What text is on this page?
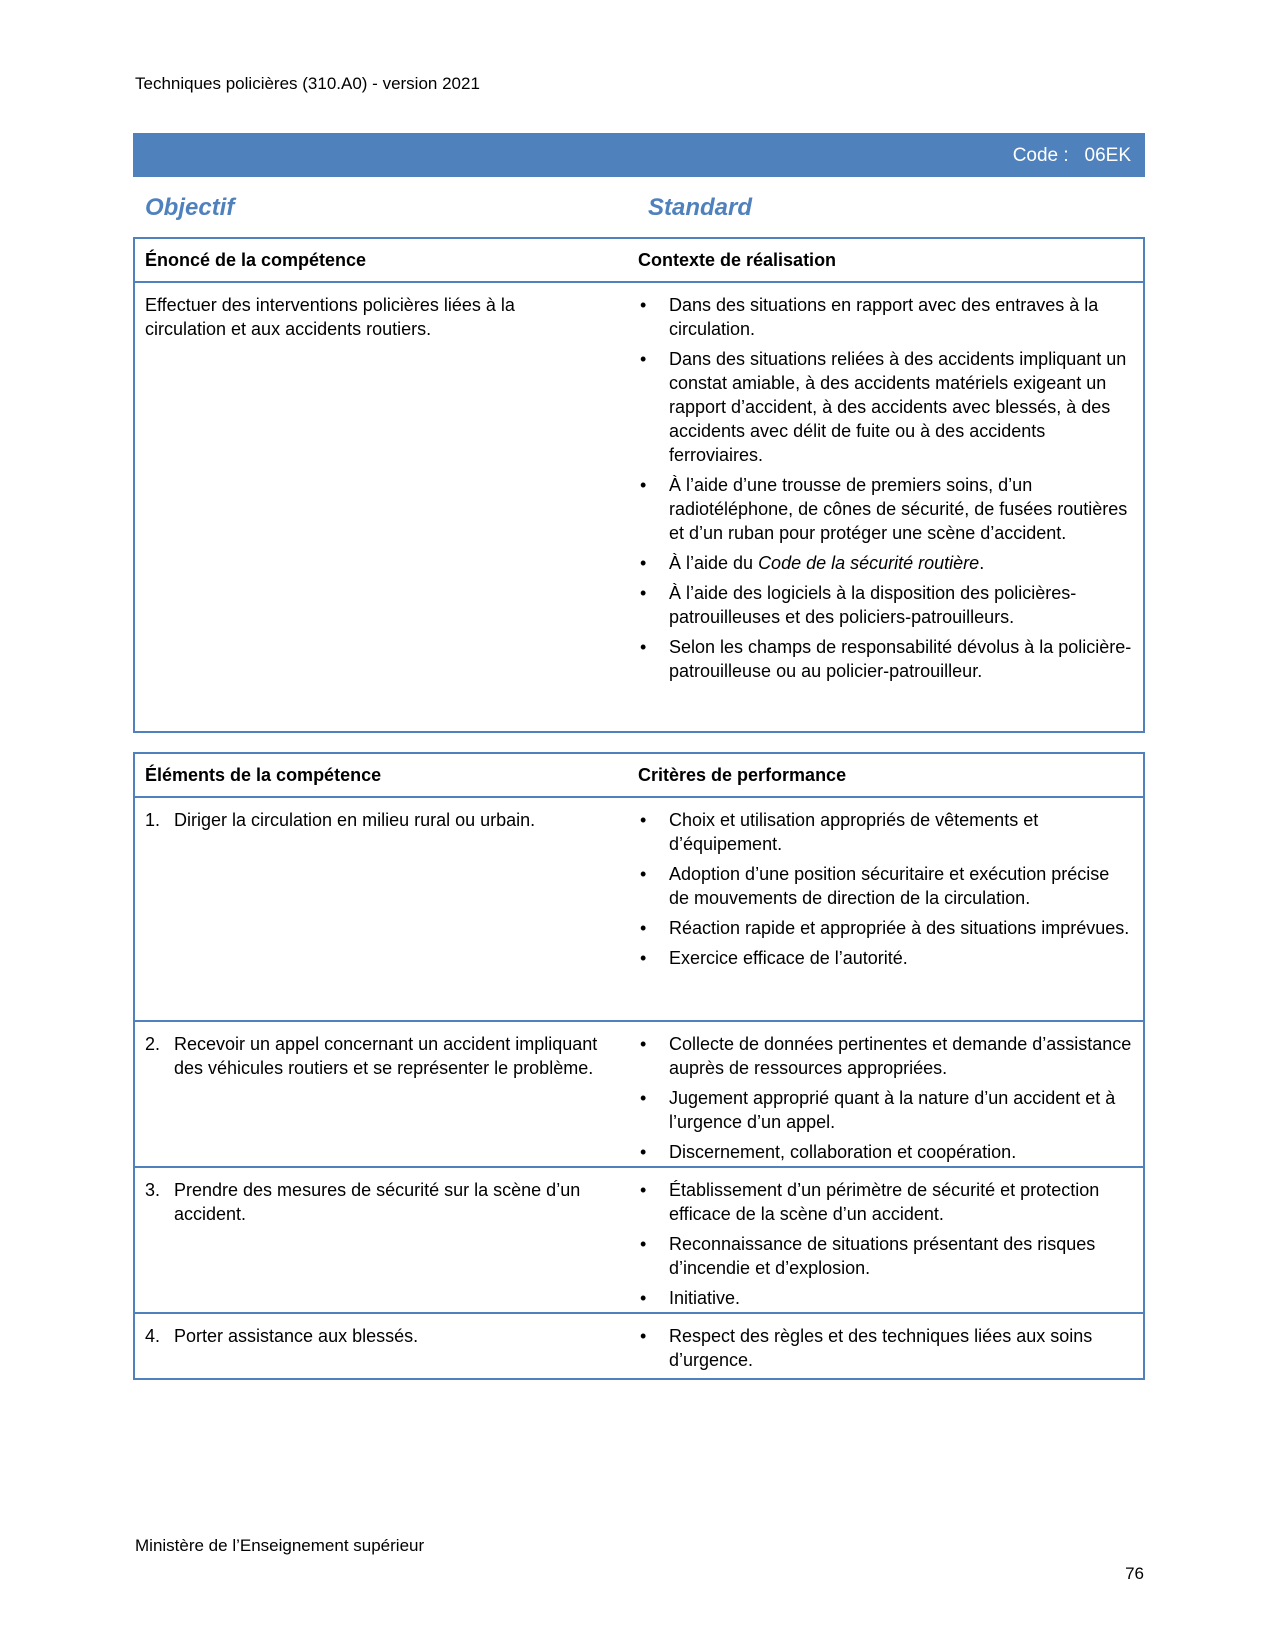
Techniques policières (310.A0) - version 2021
Code : 06EK
Objectif	Standard
Énoncé de la compétence	Contexte de réalisation
Effectuer des interventions policières liées à la circulation et aux accidents routiers.
• Dans des situations en rapport avec des entraves à la circulation.
• Dans des situations reliées à des accidents impliquant un constat amiable, à des accidents matériels exigeant un rapport d’accident, à des accidents avec blessés, à des accidents avec délit de fuite ou à des accidents ferroviaires.
• À l’aide d’une trousse de premiers soins, d’un radiotéléphone, de cônes de sécurité, de fusées routières et d’un ruban pour protéger une scène d’accident.
• À l’aide du Code de la sécurité routière.
• À l’aide des logiciels à la disposition des policières-patrouilleuses et des policiers-patrouilleurs.
• Selon les champs de responsabilité dévolus à la policière-patrouilleuse ou au policier-patrouilleur.
Éléments de la compétence	Critères de performance
1. Diriger la circulation en milieu rural ou urbain.	• Choix et utilisation appropriés de vêtements et d’équipement.
• Adoption d’une position sécuritaire et exécution précise de mouvements de direction de la circulation.
• Réaction rapide et appropriée à des situations imprévues.
• Exercice efficace de l’autorité.
2. Recevoir un appel concernant un accident impliquant des véhicules routiers et se représenter le problème.
• Collecte de données pertinentes et demande d’assistance auprès de ressources appropriées.
• Jugement approprié quant à la nature d’un accident et à l’urgence d’un appel.
• Discernement, collaboration et coopération.
3. Prendre des mesures de sécurité sur la scène d’un accident.
• Établissement d’un périmètre de sécurité et protection efficace de la scène d’un accident.
• Reconnaissance de situations présentant des risques d’incendie et d’explosion.
• Initiative.
4. Porter assistance aux blessés.	• Respect des règles et des techniques liées aux soins d’urgence.
Ministère de l’Enseignement supérieur
76
